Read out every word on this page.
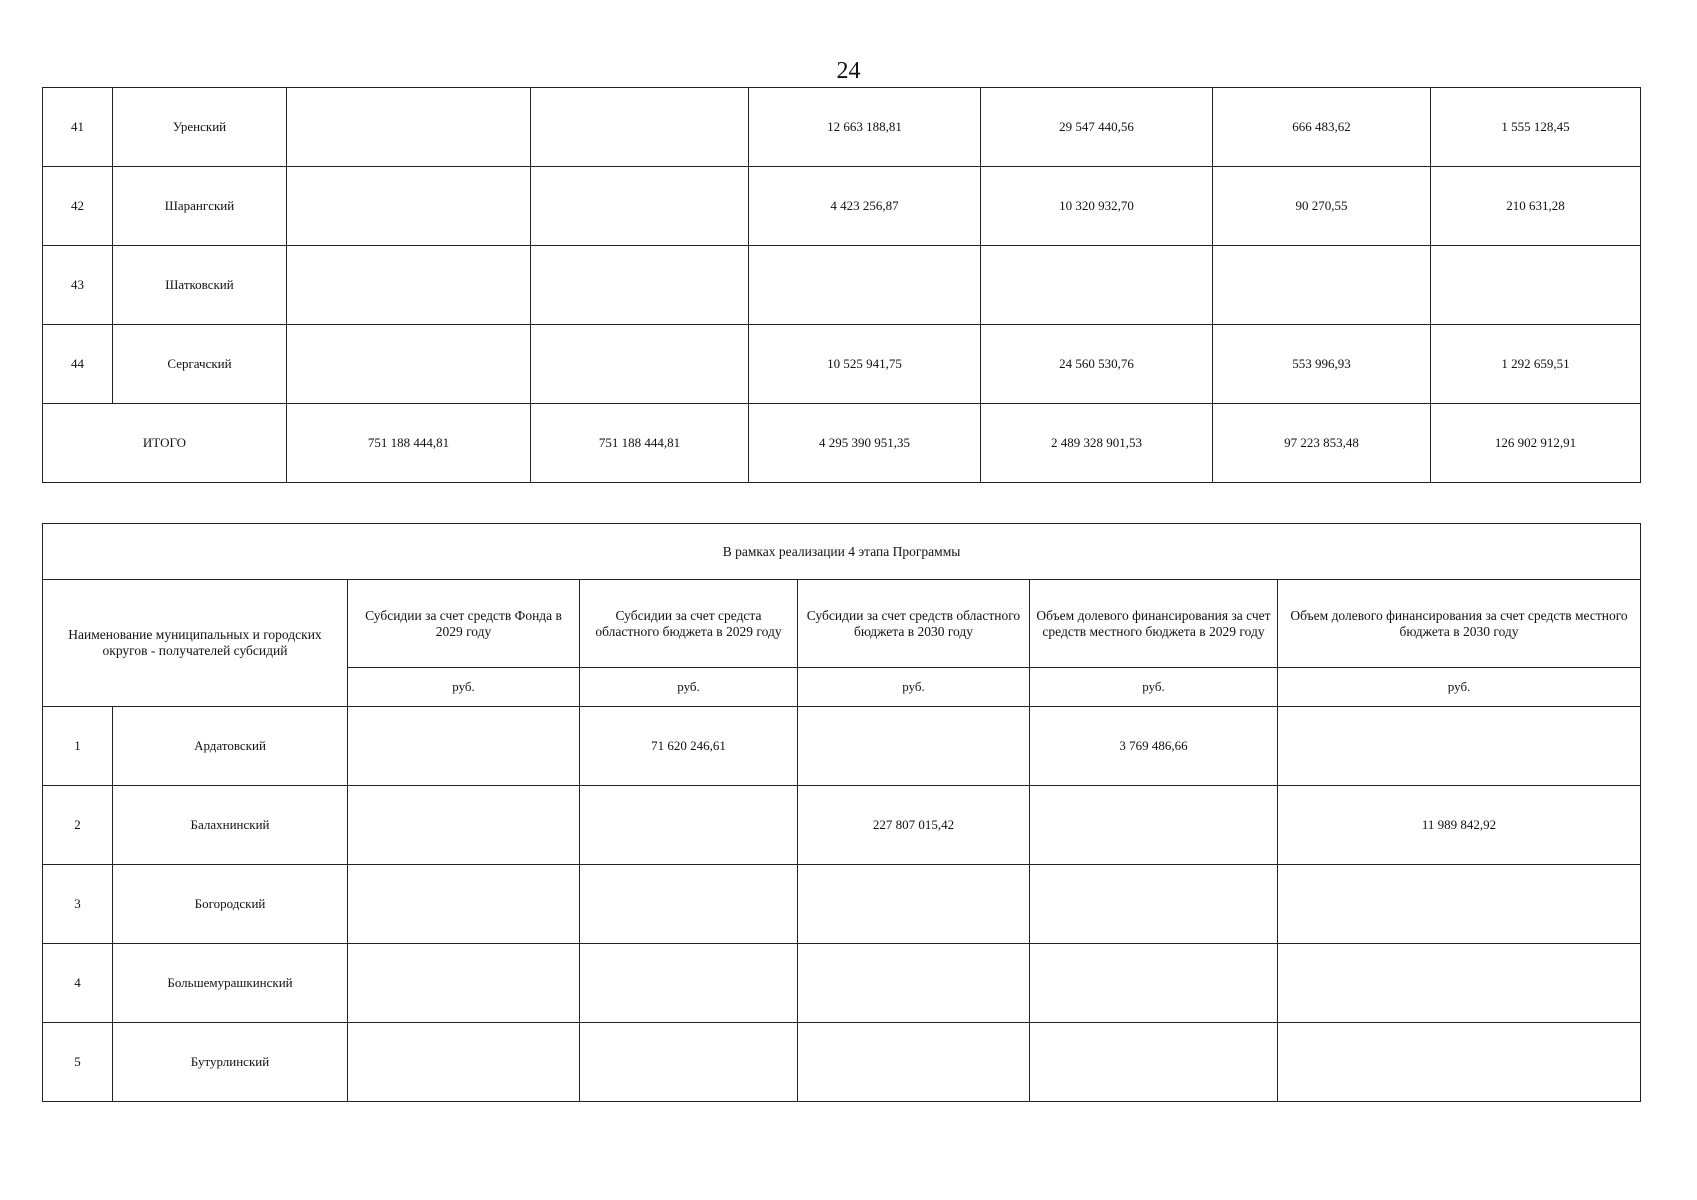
24
41	Уренский			12 663 188,81	29 547 440,56	666 483,62	1 555 128,45
42	Шарангский			4 423 256,87	10 320 932,70	90 270,55	210 631,28
43	Шатковский						
44	Сергачский			10 525 941,75	24 560 530,76	553 996,93	1 292 659,51
ИТОГО		751 188 444,81	751 188 444,81	4 295 390 951,35	2 489 328 901,53	97 223 853,48	126 902 912,91
В рамках реализации 4 этапа Программы						
Наименование муниципальных и городских округов - получателей субсидий		Субсидии за счет средств Фонда в 2029 году	Субсидии за счет средста областного бюджета в 2029 году	Субсидии за счет средств областного бюджета в 2030 году	Объем долевого финансирования за счет средств местного бюджета в 2029 году	Объем долевого финансирования за счет средств местного бюджета в 2030 году
		руб.	руб.	руб.	руб.	руб.
1	Ардатовский		71 620 246,61		3 769 486,66	
2	Балахнинский			227 807 015,42		11 989 842,92
3	Богородский					
4	Большемурашкинский					
5	Бутурлинский					
